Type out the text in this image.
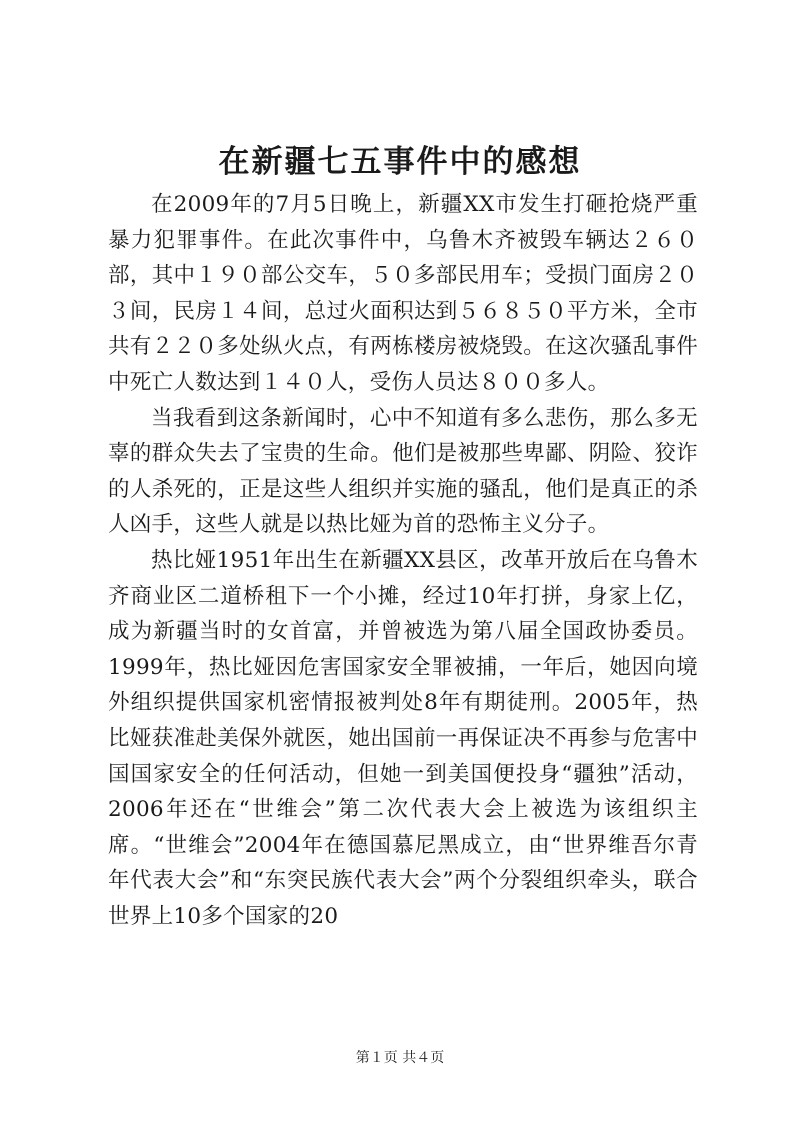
在新疆七五事件中的感想

在2009年的7月5日晚上，新疆XX市发生打砸抢烧严重暴力犯罪事件。在此次事件中，乌鲁木齐被毁车辆达２６０部，其中１９０部公交车，５０多部民用车；受损门面房２０３间，民房１４间，总过火面积达到５６８５０平方米，全市共有２２０多处纵火点，有两栋楼房被烧毁。在这次骚乱事件中死亡人数达到１４０人，受伤人员达８００多人。

当我看到这条新闻时，心中不知道有多么悲伤，那么多无辜的群众失去了宝贵的生命。他们是被那些卑鄙、阴险、狡诈的人杀死的，正是这些人组织并实施的骚乱，他们是真正的杀人凶手，这些人就是以热比娅为首的恐怖主义分子。

热比娅1951年出生在新疆XX县区，改革开放后在乌鲁木齐商业区二道桥租下一个小摊，经过10年打拼，身家上亿，成为新疆当时的女首富，并曾被选为第八届全国政协委员。1999年，热比娅因危害国家安全罪被捕，一年后，她因向境外组织提供国家机密情报被判处8年有期徒刑。2005年，热比娅获准赴美保外就医，她出国前一再保证决不再参与危害中国国家安全的任何活动，但她一到美国便投身“疆独”活动，2006年还在“世维会”第二次代表大会上被选为该组织主席。“世维会”2004年在德国慕尼黑成立，由“世界维吾尔青年代表大会”和“东突民族代表大会”两个分裂组织牵头，联合世界上10多个国家的20

第１页 共４页
